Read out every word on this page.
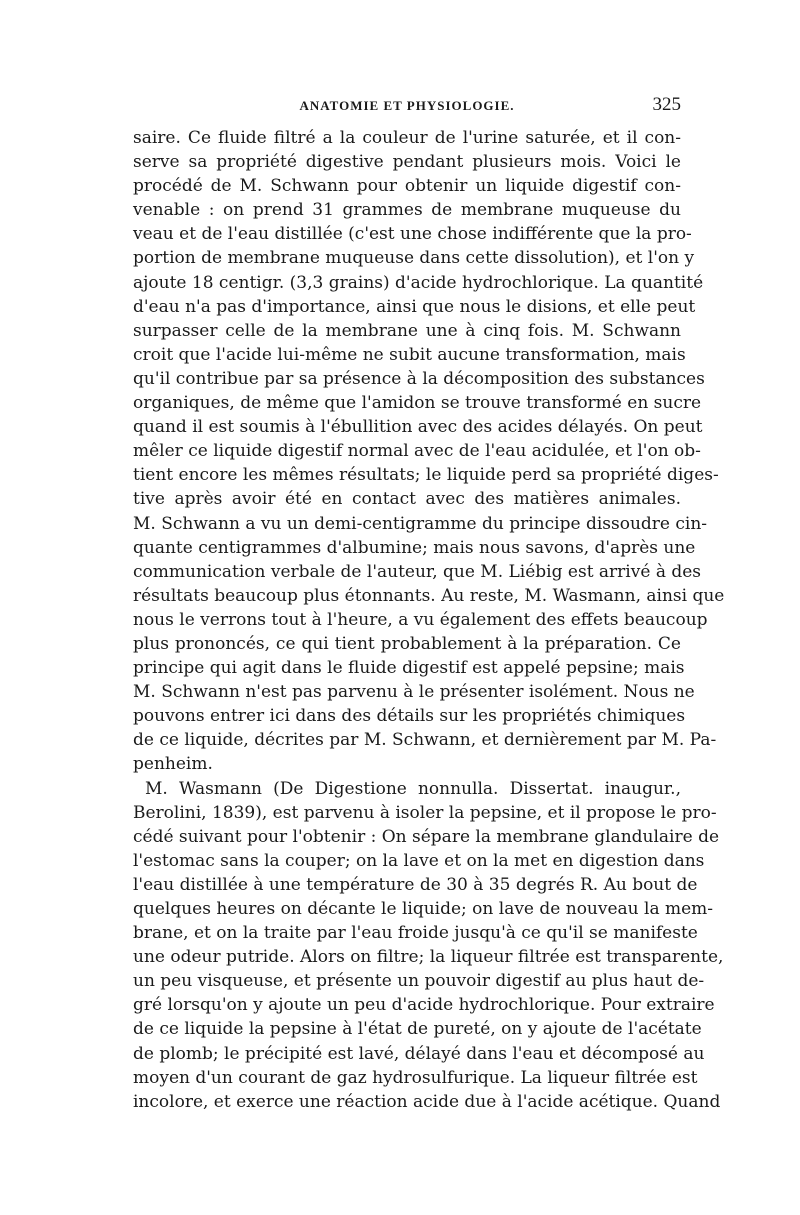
ANATOMIE ET PHYSIOLOGIE.	325
saire. Ce fluide filtré a la couleur de l'urine saturée, et il con-
serve sa propriété digestive pendant plusieurs mois. Voici le
procédé de M. Schwann pour obtenir un liquide digestif con-
venable : on prend 31 grammes de membrane muqueuse du
veau et de l'eau distillée (c'est une chose indifférente que la pro-
portion de membrane muqueuse dans cette dissolution), et l'on y
ajoute 18 centigr. (3,3 grains) d'acide hydrochlorique. La quantité
d'eau n'a pas d'importance, ainsi que nous le disions, et elle peut
surpasser celle de la membrane une à cinq fois. M. Schwann
croit que l'acide lui-même ne subit aucune transformation, mais
qu'il contribue par sa présence à la décomposition des substances
organiques, de même que l'amidon se trouve transformé en sucre
quand il est soumis à l'ébullition avec des acides délayés. On peut
mêler ce liquide digestif normal avec de l'eau acidulée, et l'on ob-
tient encore les mêmes résultats; le liquide perd sa propriété diges-
tive après avoir été en contact avec des matières animales.
M. Schwann a vu un demi-centigramme du principe dissoudre cin-
quante centigrammes d'albumine; mais nous savons, d'après une
communication verbale de l'auteur, que M. Liébig est arrivé à des
résultats beaucoup plus étonnants. Au reste, M. Wasmann, ainsi que
nous le verrons tout à l'heure, a vu également des effets beaucoup
plus prononcés, ce qui tient probablement à la préparation. Ce
principe qui agit dans le fluide digestif est appelé pepsine; mais
M. Schwann n'est pas parvenu à le présenter isolément. Nous ne
pouvons entrer ici dans des détails sur les propriétés chimiques
de ce liquide, décrites par M. Schwann, et dernièrement par M. Pa-
penheim.
M. Wasmann (De Digestione nonnulla. Dissertat. inaugur.,
Berolini, 1839), est parvenu à isoler la pepsine, et il propose le pro-
cédé suivant pour l'obtenir : On sépare la membrane glandulaire de
l'estomac sans la couper; on la lave et on la met en digestion dans
l'eau distillée à une température de 30 à 35 degrés R. Au bout de
quelques heures on décante le liquide; on lave de nouveau la mem-
brane, et on la traite par l'eau froide jusqu'à ce qu'il se manifeste
une odeur putride. Alors on filtre; la liqueur filtrée est transparente,
un peu visqueuse, et présente un pouvoir digestif au plus haut de-
gré lorsqu'on y ajoute un peu d'acide hydrochlorique. Pour extraire
de ce liquide la pepsine à l'état de pureté, on y ajoute de l'acétate
de plomb; le précipité est lavé, délayé dans l'eau et décomposé au
moyen d'un courant de gaz hydrosulfurique. La liqueur filtrée est
incolore, et exerce une réaction acide due à l'acide acétique. Quand
